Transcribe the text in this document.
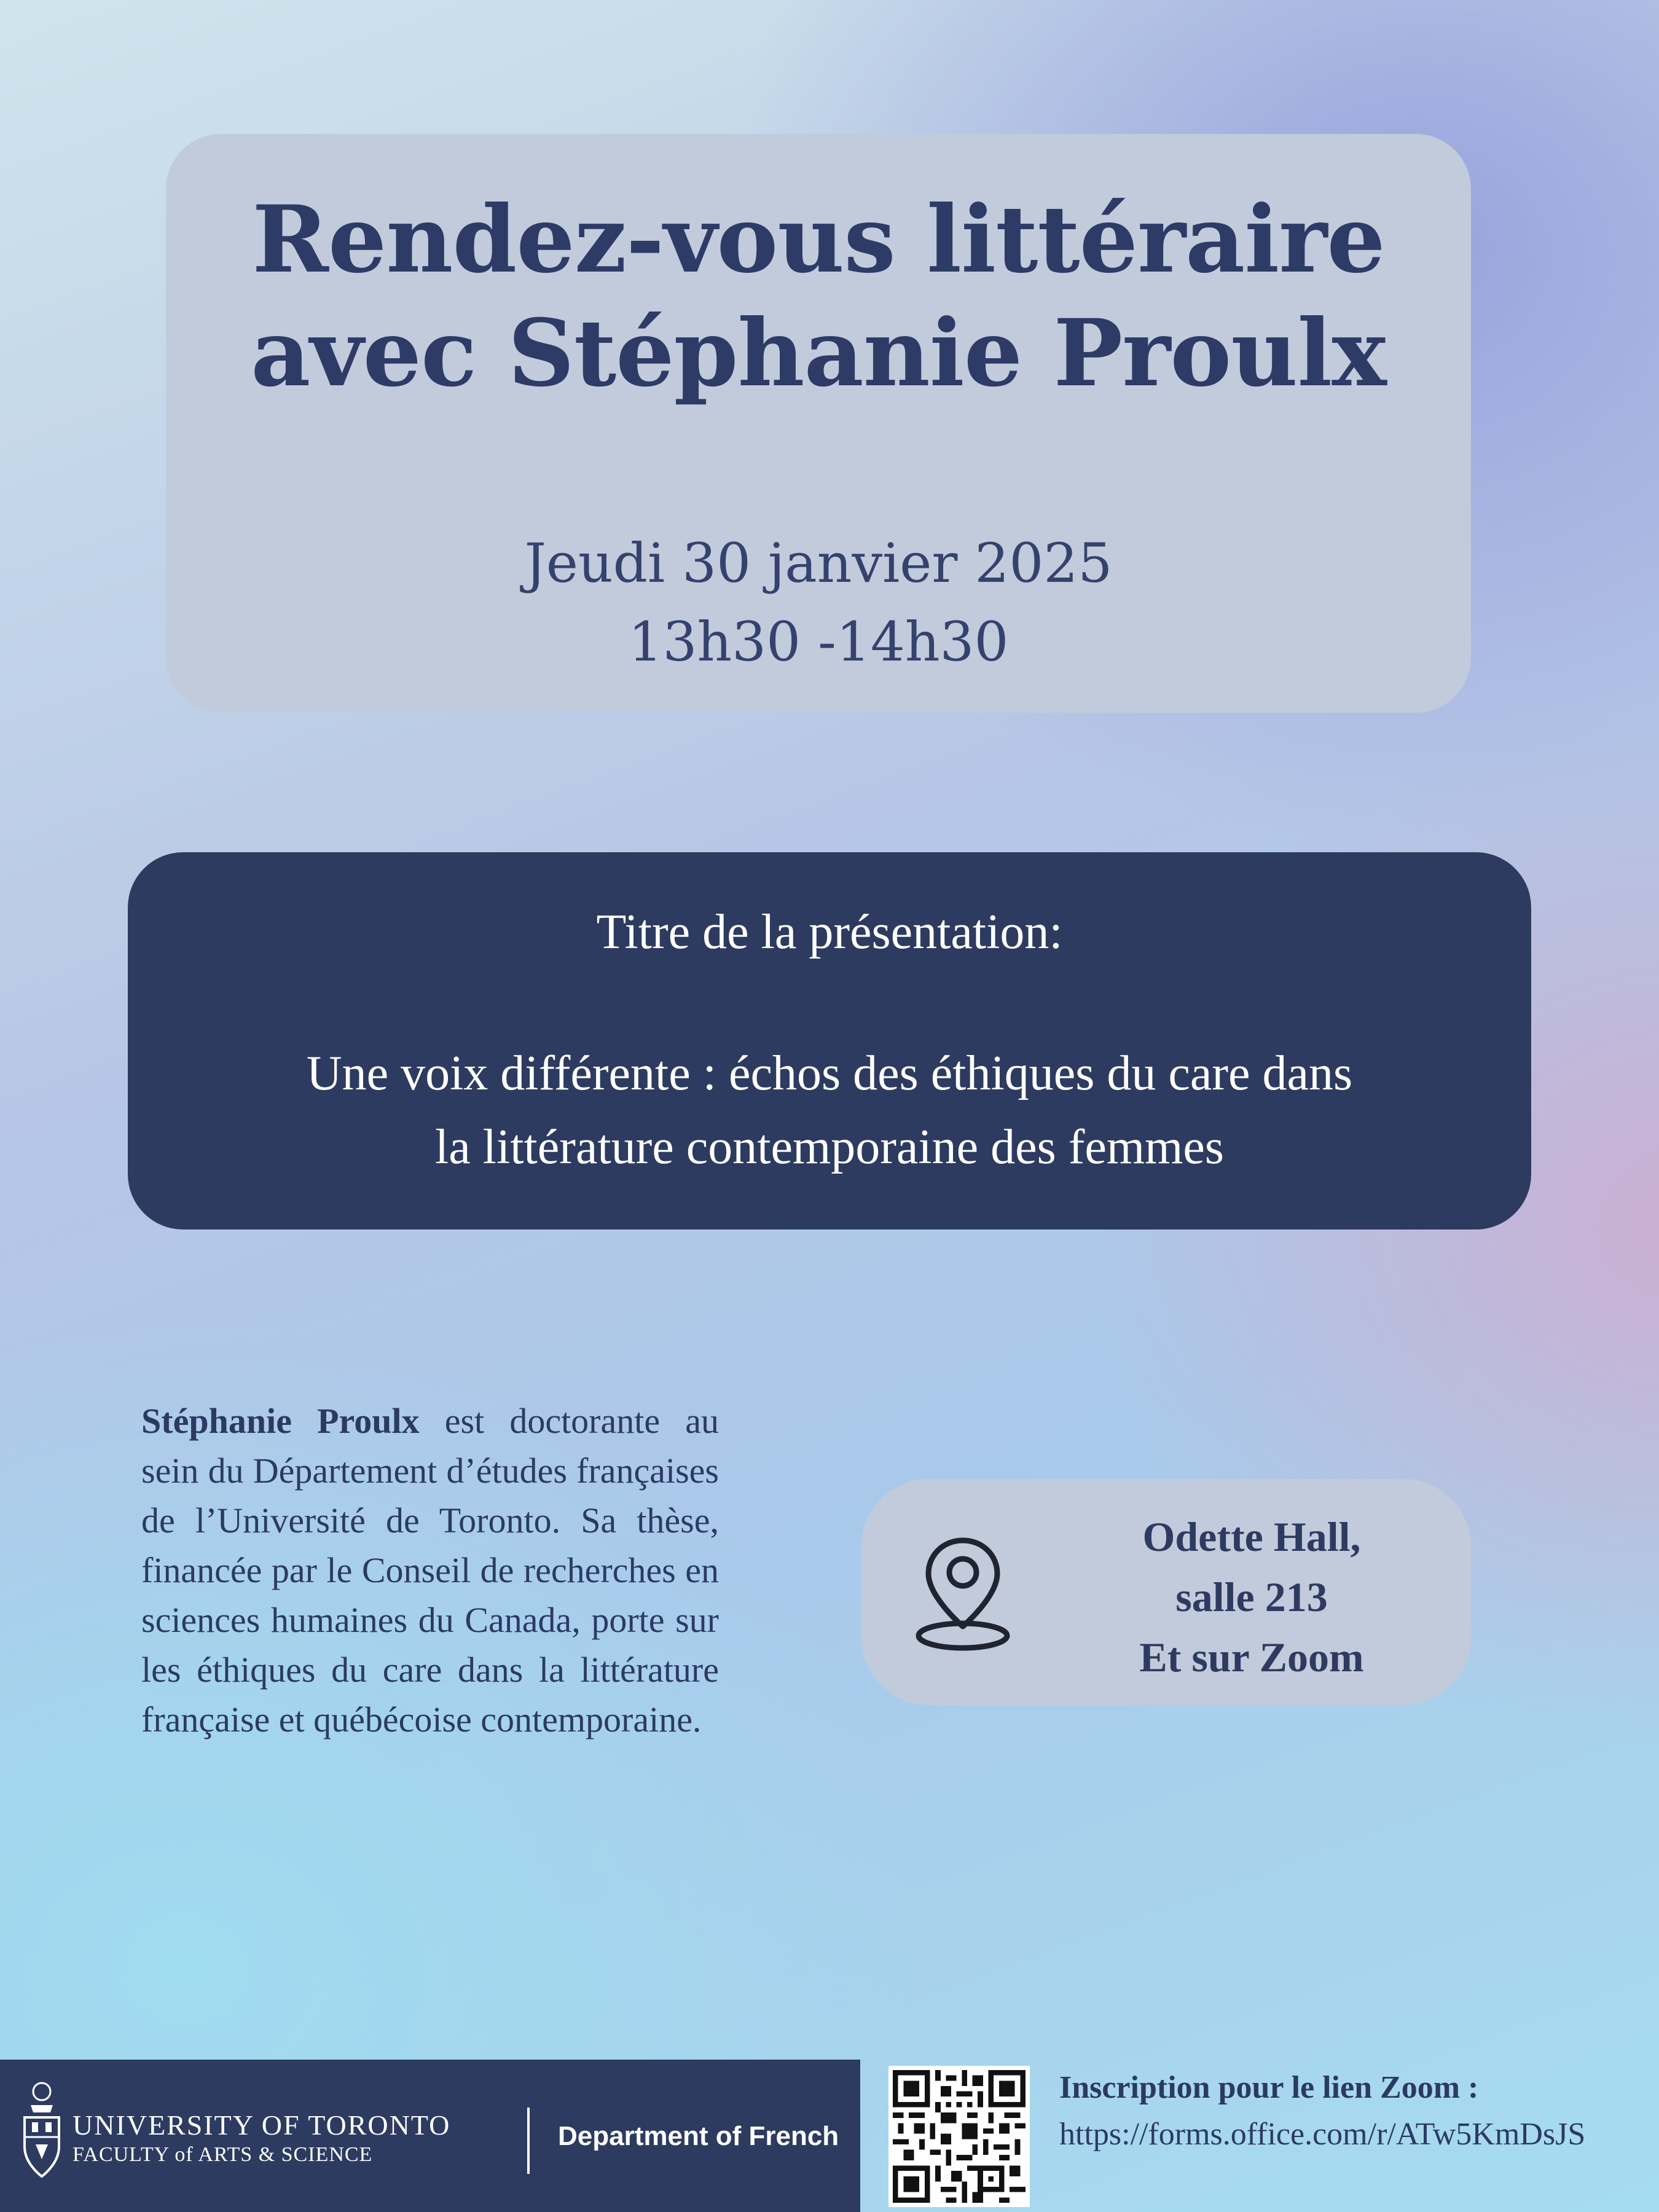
Rendez-vous littéraire
avec Stéphanie Proulx
Jeudi 30 janvier 2025
13h30 -14h30
Titre de la présentation:
Une voix différente : échos des éthiques du care dans
la littérature contemporaine des femmes
Stéphanie Proulx est doctorante au sein du Département d’études françaises de l’Université de Toronto. Sa thèse, financée par le Conseil de recherches en sciences humaines du Canada, porte sur les éthiques du care dans la littérature française et québécoise contemporaine.
Odette Hall,
salle 213
Et sur Zoom
UNIVERSITY OF TORONTO
FACULTY of ARTS & SCIENCE
Department of French
Inscription pour le lien Zoom :
https://forms.office.com/r/ATw5KmDsJS
